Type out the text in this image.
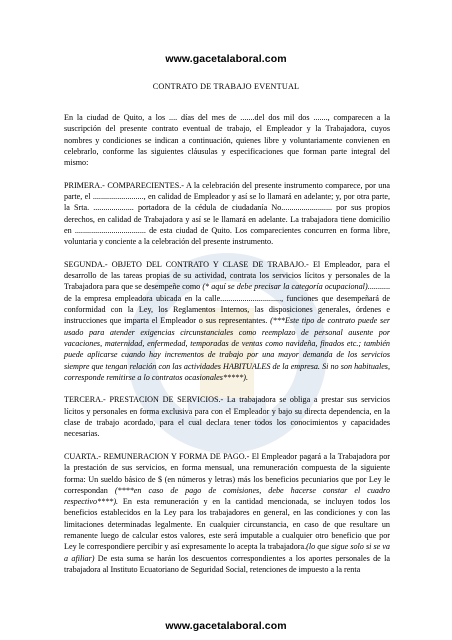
www.gacetalaboral.com
CONTRATO DE TRABAJO EVENTUAL

En la ciudad de Quito, a los .... días del mes de .......del dos mil dos ......., comparecen a la suscripción del presente contrato eventual de trabajo, el Empleador y la Trabajadora, cuyos nombres y condiciones se indican a continuación, quienes libre y voluntariamente convienen en celebrarlo, conforme las siguientes cláusulas y especificaciones que forman parte integral del mismo:

PRIMERA.- COMPARECIENTES.- A la celebración del presente instrumento comparece, por una parte, el ........................., en calidad de Empleador y así se lo llamará en adelante; y, por otra parte, la Srta. .................... portadora de la cédula de ciudadanía No......................... por sus propios derechos, en calidad de Trabajadora y así se le llamará en adelante. La trabajadora tiene domicilio en ................................... de esta ciudad de Quito. Los comparecientes concurren en forma libre, voluntaria y conciente a la celebración del presente instrumento.

SEGUNDA.- OBJETO DEL CONTRATO Y CLASE DE TRABAJO.- El Empleador, para el desarrollo de las tareas propias de su actividad, contrata los servicios lícitos y personales de la Trabajadora para que se desempeñe como (* aquí se debe precisar la categoría ocupacional)........... de la empresa empleadora ubicada en la calle.............................., funciones que desempeñará de conformidad con la Ley, los Reglamentos Internos, las disposiciones generales, órdenes e instrucciones que imparta el Empleador o sus representantes. (***Este tipo de contrato puede ser usado para atender exigencias circunstanciales como reemplazo de personal ausente por vacaciones, maternidad, enfermedad, temporadas de ventas como navideña, finados etc.; también puede aplicarse cuando hay incrementos de trabajo por una mayor demanda de los servicios siempre que tengan relación con las actividades HABITUALES de la empresa. Si no son habituales, corresponde remitirse a lo contratos ocasionales*****).

TERCERA.- PRESTACION DE SERVICIOS.- La trabajadora se obliga a prestar sus servicios lícitos y personales en forma exclusiva para con el Empleador y bajo su directa dependencia, en la clase de trabajo acordado, para el cual declara tener todos los conocimientos y capacidades necesarias.

CUARTA.- REMUNERACION Y FORMA DE PAGO.- El Empleador pagará a la Trabajadora por la prestación de sus servicios, en forma mensual, una remuneración compuesta de la siguiente forma: Un sueldo básico de $ (en números y letras) más los beneficios pecuniarios que por Ley le correspondan (****en caso de pago de comisiones, debe hacerse constar el cuadro respectivo****). En esta remuneración y en la cantidad mencionada, se incluyen todos los beneficios establecidos en la Ley para los trabajadores en general, en las condiciones y con las limitaciones determinadas legalmente. En cualquier circunstancia, en caso de que resultare un remanente luego de calcular estos valores, este será imputable a cualquier otro beneficio que por Ley le correspondiere percibir y así expresamente lo acepta la trabajadora.(lo que sigue solo si se va a afiliar) De esta suma se harán los descuentos correspondientes a los aportes personales de la trabajadora al Instituto Ecuatoriano de Seguridad Social, retenciones de impuesto a la renta

www.gacetalaboral.com
